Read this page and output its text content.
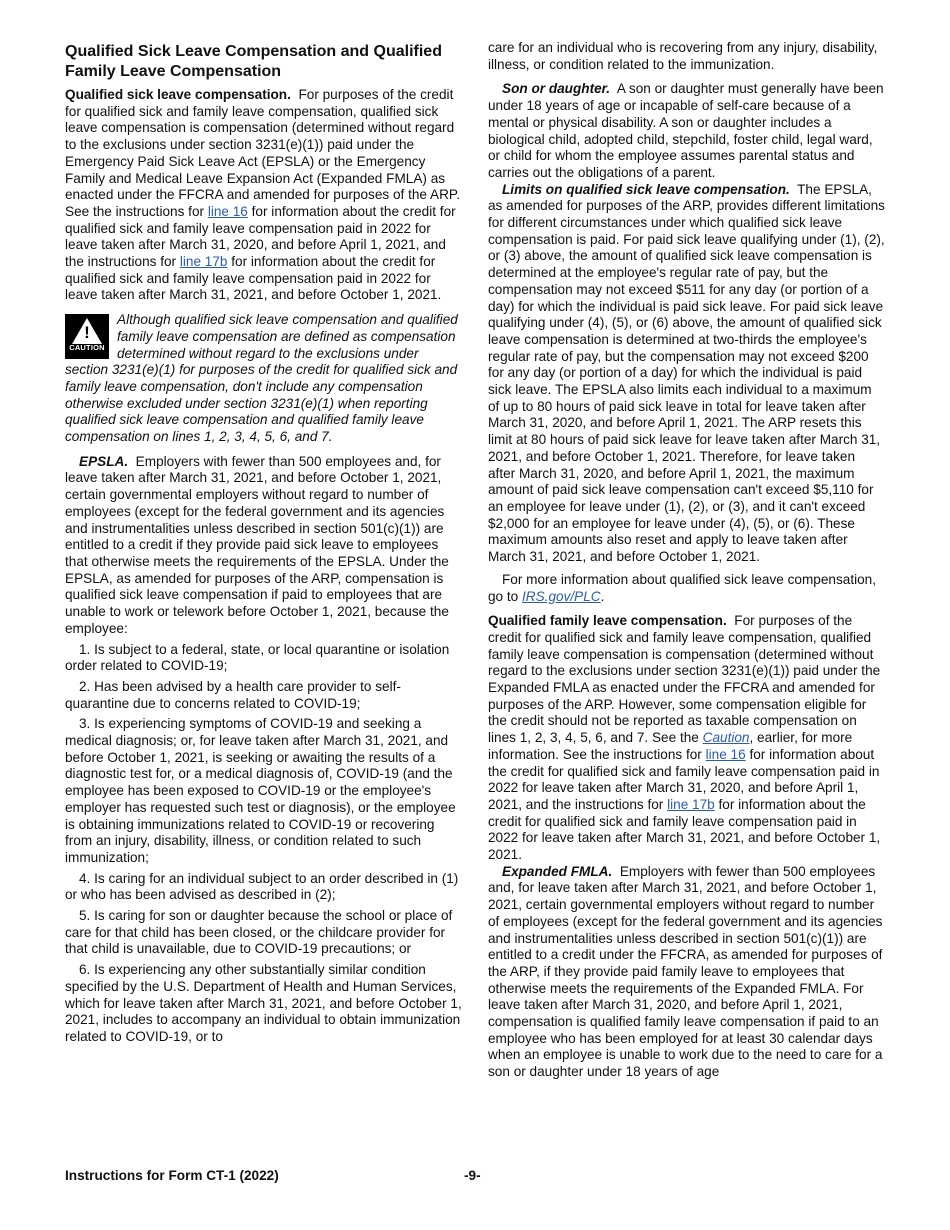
Qualified Sick Leave Compensation and Qualified Family Leave Compensation

Qualified sick leave compensation. For purposes of the credit for qualified sick and family leave compensation, qualified sick leave compensation is compensation (determined without regard to the exclusions under section 3231(e)(1)) paid under the Emergency Paid Sick Leave Act (EPSLA) or the Emergency Family and Medical Leave Expansion Act (Expanded FMLA) as enacted under the FFCRA and amended for purposes of the ARP. See the instructions for line 16 for information about the credit for qualified sick and family leave compensation paid in 2022 for leave taken after March 31, 2020, and before April 1, 2021, and the instructions for line 17b for information about the credit for qualified sick and family leave compensation paid in 2022 for leave taken after March 31, 2021, and before October 1, 2021.

!
CAUTION
Although qualified sick leave compensation and qualified family leave compensation are defined as compensation determined without regard to the exclusions under section 3231(e)(1) for purposes of the credit for qualified sick and family leave compensation, don't include any compensation otherwise excluded under section 3231(e)(1) when reporting qualified sick leave compensation and qualified family leave compensation on lines 1, 2, 3, 4, 5, 6, and 7.

EPSLA. Employers with fewer than 500 employees and, for leave taken after March 31, 2021, and before October 1, 2021, certain governmental employers without regard to number of employees (except for the federal government and its agencies and instrumentalities unless described in section 501(c)(1)) are entitled to a credit if they provide paid sick leave to employees that otherwise meets the requirements of the EPSLA. Under the EPSLA, as amended for purposes of the ARP, compensation is qualified sick leave compensation if paid to employees that are unable to work or telework before October 1, 2021, because the employee:

1. Is subject to a federal, state, or local quarantine or isolation order related to COVID-19;

2. Has been advised by a health care provider to self-quarantine due to concerns related to COVID-19;

3. Is experiencing symptoms of COVID-19 and seeking a medical diagnosis; or, for leave taken after March 31, 2021, and before October 1, 2021, is seeking or awaiting the results of a diagnostic test for, or a medical diagnosis of, COVID-19 (and the employee has been exposed to COVID-19 or the employee's employer has requested such test or diagnosis), or the employee is obtaining immunizations related to COVID-19 or recovering from an injury, disability, illness, or condition related to such immunization;

4. Is caring for an individual subject to an order described in (1) or who has been advised as described in (2);

5. Is caring for son or daughter because the school or place of care for that child has been closed, or the childcare provider for that child is unavailable, due to COVID-19 precautions; or

6. Is experiencing any other substantially similar condition specified by the U.S. Department of Health and Human Services, which for leave taken after March 31, 2021, and before October 1, 2021, includes to accompany an individual to obtain immunization related to COVID-19, or to

care for an individual who is recovering from any injury, disability, illness, or condition related to the immunization.

Son or daughter. A son or daughter must generally have been under 18 years of age or incapable of self-care because of a mental or physical disability. A son or daughter includes a biological child, adopted child, stepchild, foster child, legal ward, or child for whom the employee assumes parental status and carries out the obligations of a parent.

Limits on qualified sick leave compensation. The EPSLA, as amended for purposes of the ARP, provides different limitations for different circumstances under which qualified sick leave compensation is paid. For paid sick leave qualifying under (1), (2), or (3) above, the amount of qualified sick leave compensation is determined at the employee's regular rate of pay, but the compensation may not exceed $511 for any day (or portion of a day) for which the individual is paid sick leave. For paid sick leave qualifying under (4), (5), or (6) above, the amount of qualified sick leave compensation is determined at two-thirds the employee's regular rate of pay, but the compensation may not exceed $200 for any day (or portion of a day) for which the individual is paid sick leave. The EPSLA also limits each individual to a maximum of up to 80 hours of paid sick leave in total for leave taken after March 31, 2020, and before April 1, 2021. The ARP resets this limit at 80 hours of paid sick leave for leave taken after March 31, 2021, and before October 1, 2021. Therefore, for leave taken after March 31, 2020, and before April 1, 2021, the maximum amount of paid sick leave compensation can't exceed $5,110 for an employee for leave under (1), (2), or (3), and it can't exceed $2,000 for an employee for leave under (4), (5), or (6). These maximum amounts also reset and apply to leave taken after March 31, 2021, and before October 1, 2021.

For more information about qualified sick leave compensation, go to IRS.gov/PLC.

Qualified family leave compensation. For purposes of the credit for qualified sick and family leave compensation, qualified family leave compensation is compensation (determined without regard to the exclusions under section 3231(e)(1)) paid under the Expanded FMLA as enacted under the FFCRA and amended for purposes of the ARP. However, some compensation eligible for the credit should not be reported as taxable compensation on lines 1, 2, 3, 4, 5, 6, and 7. See the Caution, earlier, for more information. See the instructions for line 16 for information about the credit for qualified sick and family leave compensation paid in 2022 for leave taken after March 31, 2020, and before April 1, 2021, and the instructions for line 17b for information about the credit for qualified sick and family leave compensation paid in 2022 for leave taken after March 31, 2021, and before October 1, 2021.

Expanded FMLA. Employers with fewer than 500 employees and, for leave taken after March 31, 2021, and before October 1, 2021, certain governmental employers without regard to number of employees (except for the federal government and its agencies and instrumentalities unless described in section 501(c)(1)) are entitled to a credit under the FFCRA, as amended for purposes of the ARP, if they provide paid family leave to employees that otherwise meets the requirements of the Expanded FMLA. For leave taken after March 31, 2020, and before April 1, 2021, compensation is qualified family leave compensation if paid to an employee who has been employed for at least 30 calendar days when an employee is unable to work due to the need to care for a son or daughter under 18 years of age

Instructions for Form CT-1 (2022)	-9-
